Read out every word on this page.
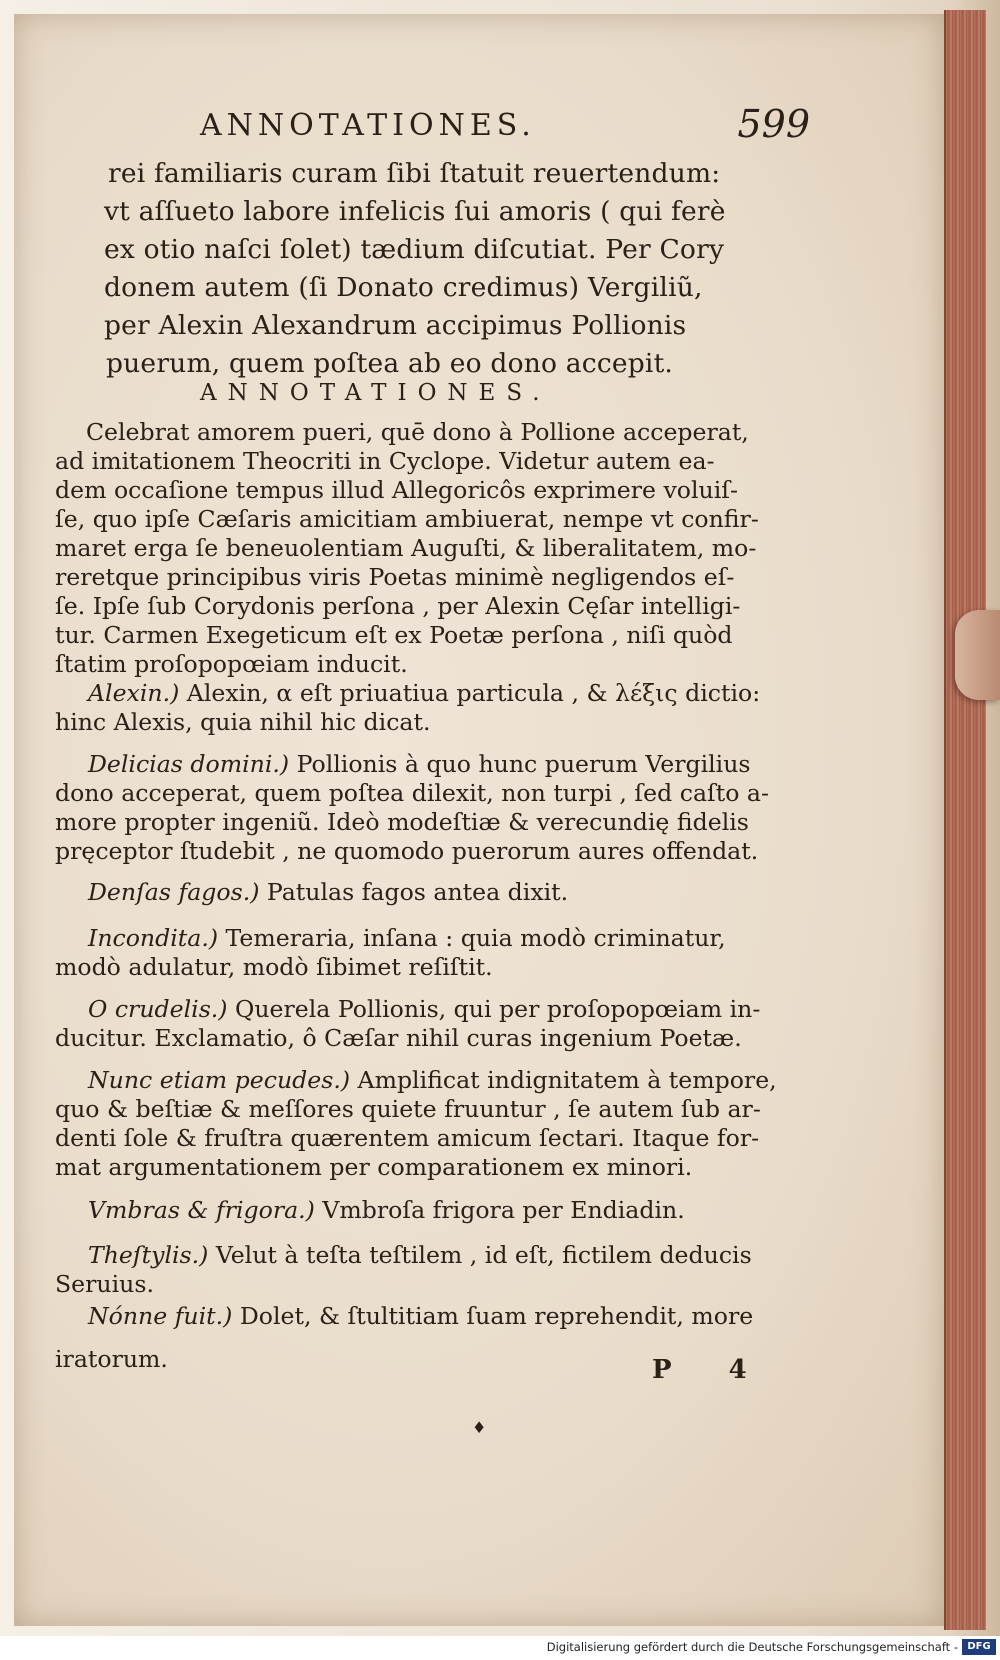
ANNOTATIONES.	599
rei familiaris curam ſibi ſtatuit reuertendum:
vt aſſueto labore infelicis ſui amoris ( qui ferè
ex otio naſci ſolet) tædium diſcutiat. Per Cory
donem autem (ſi Donato credimus) Vergiliũ,
per Alexin Alexandrum accipimus Pollionis
puerum, quem poſtea ab eo dono accepit.
ANNOTATIONES.
Celebrat amorem pueri, quē dono à Pollione acceperat,
ad imitationem Theocriti in Cyclope. Videtur autem ea-
dem occaſione tempus illud Allegoricôs exprimere voluiſ-
ſe, quo ipſe Cæſaris amicitiam ambiuerat, nempe vt confir-
maret erga ſe beneuolentiam Auguſti, & liberalitatem, mo-
reretque principibus viris Poetas minimè negligendos eſ-
ſe. Ipſe ſub Corydonis perſona , per Alexin Cęſar intelligi-
tur. Carmen Exegeticum eſt ex Poetæ perſona , niſi quòd
ſtatim proſopopœiam inducit.
Alexin.) Alexin, α eſt priuatiua particula , & λέξις dictio:
hinc Alexis, quia nihil hic dicat.
Delicias domini.) Pollionis à quo hunc puerum Vergilius
dono acceperat, quem poſtea dilexit, non turpi , ſed caſto a-
more propter ingeniũ. Ideò modeſtiæ & verecundię fidelis
pręceptor ſtudebit , ne quomodo puerorum aures offendat.
Denſas fagos.) Patulas fagos antea dixit.
Incondita.) Temeraria, inſana : quia modò criminatur,
modò adulatur, modò ſibimet reſiſtit.
O crudelis.) Querela Pollionis, qui per proſopopœiam in-
ducitur. Exclamatio, ô Cæſar nihil curas ingenium Poetæ.
Nunc etiam pecudes.) Amplificat indignitatem à tempore,
quo & beſtiæ & meſſores quiete fruuntur , ſe autem ſub ar-
denti ſole & fruſtra quærentem amicum ſectari. Itaque for-
mat argumentationem per comparationem ex minori.
Vmbras & frigora.) Vmbroſa frigora per Endiadin.
Theſtylis.) Velut à teſta teſtilem , id eſt, fictilem deducis
Seruius.
Nónne fuit.) Dolet, & ſtultitiam ſuam reprehendit, more
iratorum.	P 4
♦
Digitalisierung gefördert durch die Deutsche Forschungsgemeinschaft - DFG
